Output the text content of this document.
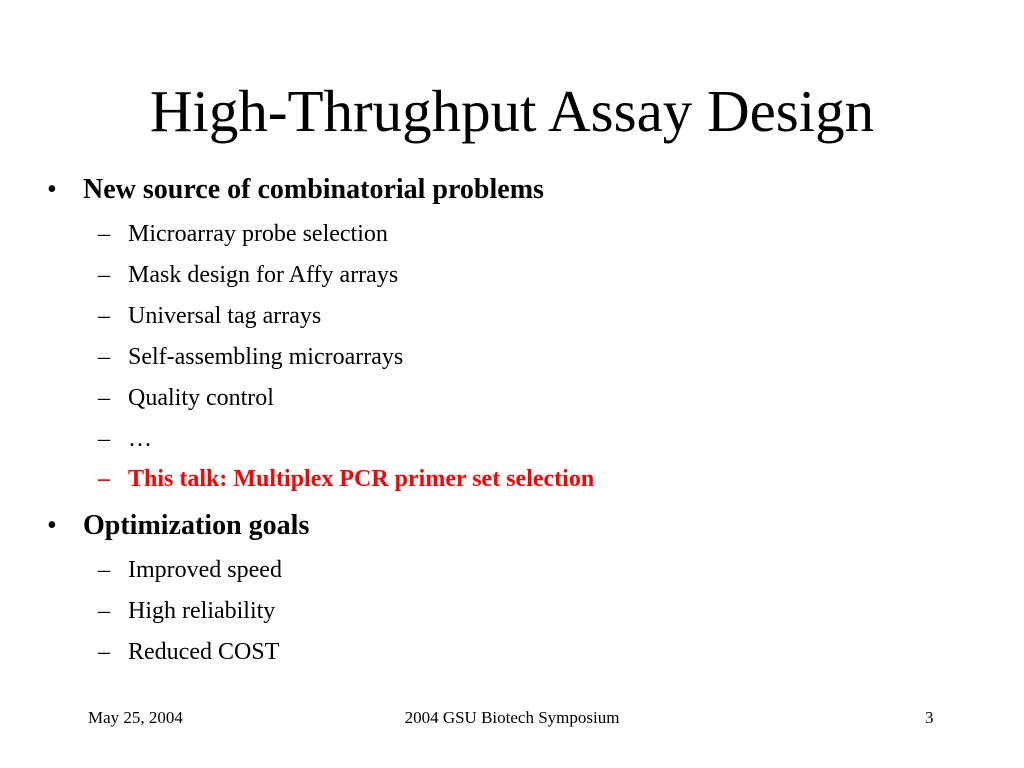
High-Thrughput Assay Design
• New source of combinatorial problems
– Microarray probe selection
– Mask design for Affy arrays
– Universal tag arrays
– Self-assembling microarrays
– Quality control
– …
– This talk: Multiplex PCR primer set selection
• Optimization goals
– Improved speed
– High reliability
– Reduced COST
May 25, 2004	2004 GSU Biotech Symposium	3
